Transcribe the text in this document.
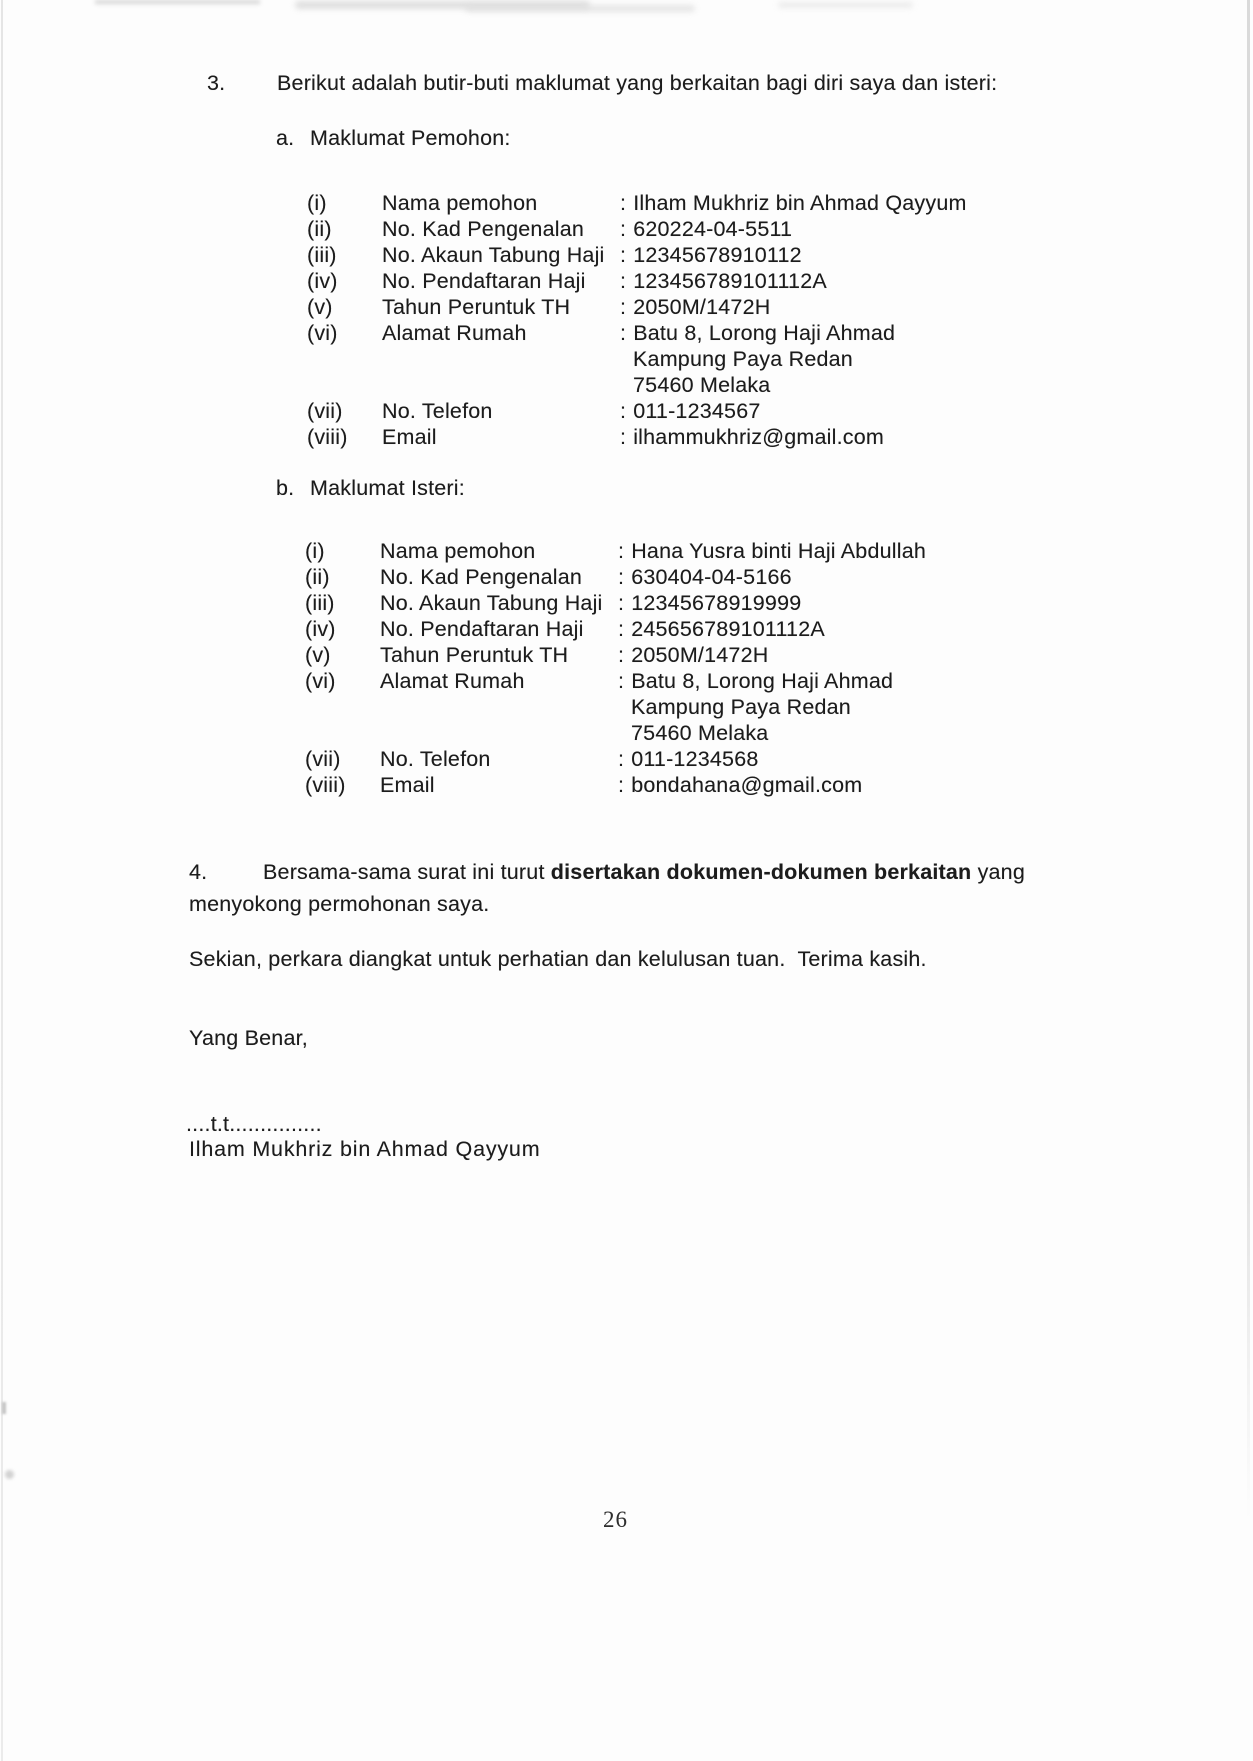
3. Berikut adalah butir-buti maklumat yang berkaitan bagi diri saya dan isteri:
a. Maklumat Pemohon:
(i)	Nama pemohon	: Ilham Mukhriz bin Ahmad Qayyum
(ii)	No. Kad Pengenalan	: 620224-04-5511
(iii)	No. Akaun Tabung Haji : 12345678910112
(iv)	No. Pendaftaran Haji	: 123456789101112A
(v)	Tahun Peruntuk TH	: 2050M/1472H
(vi)	Alamat Rumah	: Batu 8, Lorong Haji Ahmad
Kampung Paya Redan
75460 Melaka
(vii)	No. Telefon	: 011-1234567
(viii)	Email	: ilhammukhriz@gmail.com
b. Maklumat Isteri:
(i)	Nama pemohon	: Hana Yusra binti Haji Abdullah
(ii)	No. Kad Pengenalan	: 630404-04-5166
(iii)	No. Akaun Tabung Haji : 12345678919999
(iv)	No. Pendaftaran Haji	: 245656789101112A
(v)	Tahun Peruntuk TH	: 2050M/1472H
(vi)	Alamat Rumah	: Batu 8, Lorong Haji Ahmad
Kampung Paya Redan
75460 Melaka
(vii)	No. Telefon	: 011-1234568
(viii)	Email	: bondahana@gmail.com
4.	Bersama-sama surat ini turut disertakan dokumen-dokumen berkaitan yang menyokong permohonan saya.
Sekian, perkara diangkat untuk perhatian dan kelulusan tuan.  Terima kasih.
Yang Benar,
....t.t...............
Ilham Mukhriz bin Ahmad Qayyum
26
